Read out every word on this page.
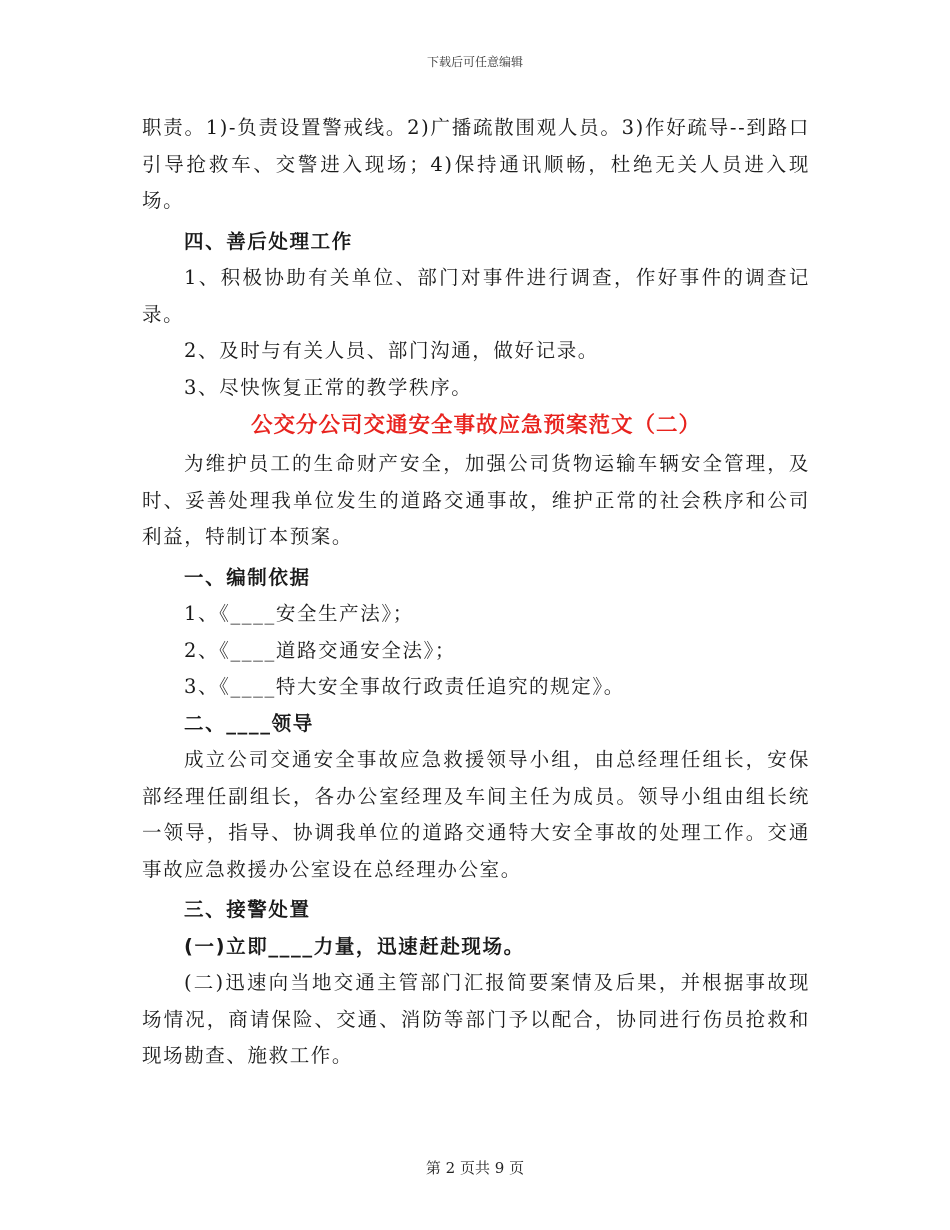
下载后可任意编辑

职责。1)-负责设置警戒线。2)广播疏散围观人员。3)作好疏导--到路口引导抢救车、交警进入现场；4)保持通讯顺畅，杜绝无关人员进入现场。

四、善后处理工作

1、积极协助有关单位、部门对事件进行调查，作好事件的调查记录。

2、及时与有关人员、部门沟通，做好记录。

3、尽快恢复正常的教学秩序。

公交分公司交通安全事故应急预案范文（二）

为维护员工的生命财产安全，加强公司货物运输车辆安全管理，及时、妥善处理我单位发生的道路交通事故，维护正常的社会秩序和公司利益，特制订本预案。

一、编制依据

1、《____安全生产法》；

2、《____道路交通安全法》；

3、《____特大安全事故行政责任追究的规定》。

二、____领导

成立公司交通安全事故应急救援领导小组，由总经理任组长，安保部经理任副组长，各办公室经理及车间主任为成员。领导小组由组长统一领导，指导、协调我单位的道路交通特大安全事故的处理工作。交通事故应急救援办公室设在总经理办公室。

三、接警处置

(一)立即____力量，迅速赶赴现场。

(二)迅速向当地交通主管部门汇报简要案情及后果，并根据事故现场情况，商请保险、交通、消防等部门予以配合，协同进行伤员抢救和现场勘查、施救工作。

第 2 页共 9 页
